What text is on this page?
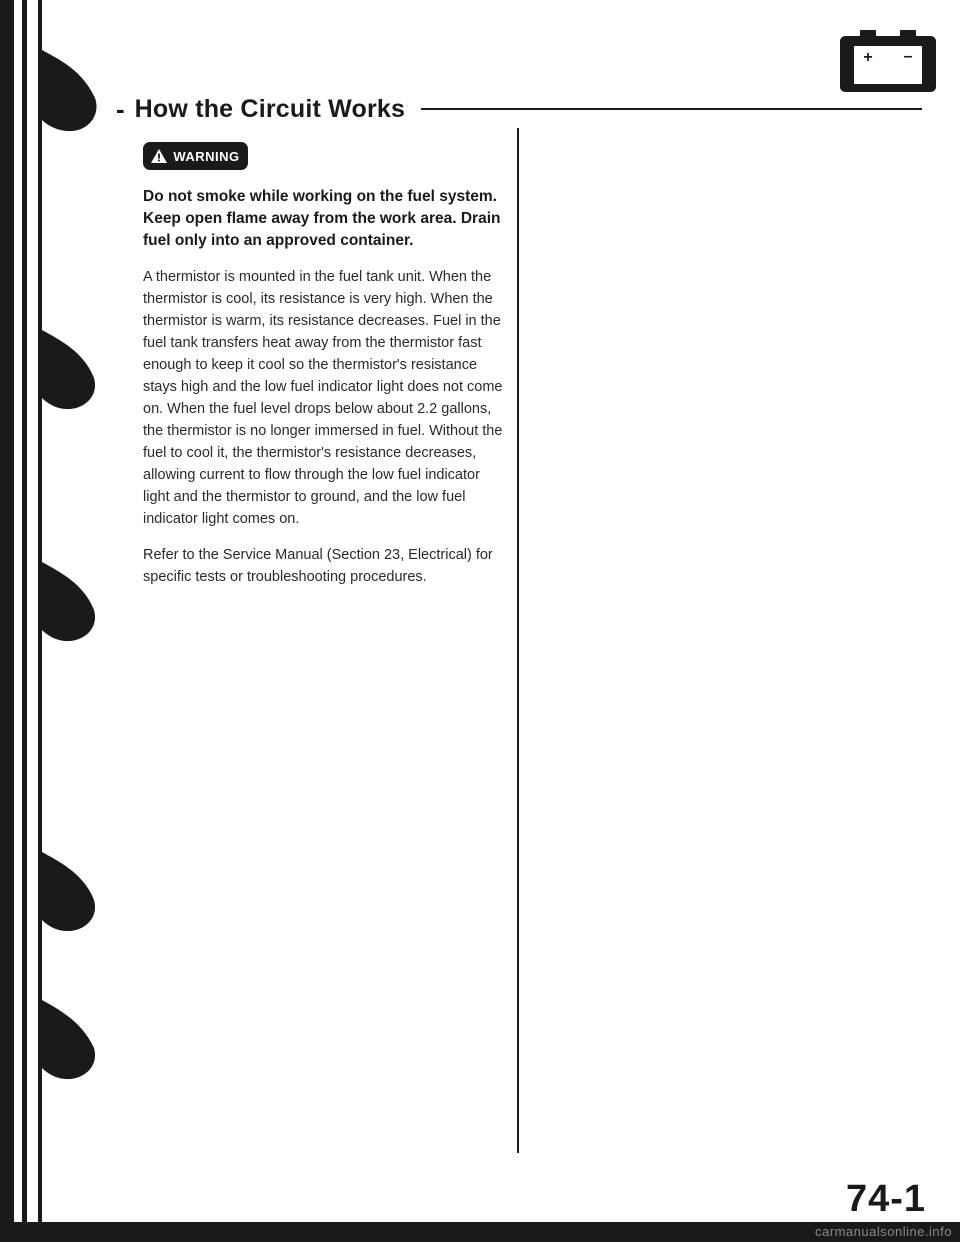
+ –
- How the Circuit Works
WARNING

Do not smoke while working on the fuel system. Keep open flame away from the work area. Drain fuel only into an approved container.

A thermistor is mounted in the fuel tank unit. When the thermistor is cool, its resistance is very high. When the thermistor is warm, its resistance decreases. Fuel in the fuel tank transfers heat away from the thermistor fast enough to keep it cool so the thermistor's resistance stays high and the low fuel indicator light does not come on. When the fuel level drops below about 2.2 gallons, the thermistor is no longer immersed in fuel. Without the fuel to cool it, the thermistor's resistance decreases, allowing current to flow through the low fuel indicator light and the thermistor to ground, and the low fuel indicator light comes on.

Refer to the Service Manual (Section 23, Electrical) for specific tests or troubleshooting procedures.

74-1
carmanualsonline.info
